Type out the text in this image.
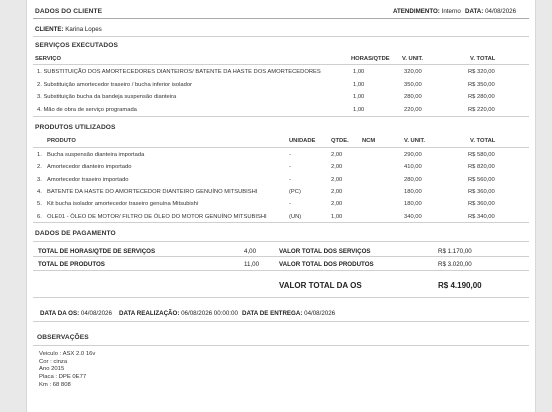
DADOS DO CLIENTE	ATENDIMENTO: Interno DATA: 04/08/2026
CLIENTE: Karina Lopes
SERVIÇOS EXECUTADOS
SERVIÇO	HORAS/QTDE V. UNIT.	V. TOTAL
1. SUBSTITUIÇÃO DOS AMORTECEDORES DIANTEIROS/ BATENTE DA HASTE DOS AMORTECEDORES	1,00	320,00	R$ 320,00
2. Substituição amortecedor traseiro / bucha inferior isolador	1,00	350,00	R$ 350,00
3. Substituição bucha da bandeja suspensão dianteira	1,00	280,00	R$ 280,00
4. Mão de obra de serviço programada	1,00	220,00	R$ 220,00
PRODUTOS UTILIZADOS
PRODUTO	UNIDADE	QTDE. NCM	V. UNIT.	V. TOTAL
1. Bucha suspensão dianteira importada	-	2,00	290,00	R$ 580,00
2. Amortecedor dianteiro importado	-	2,00	410,00	R$ 820,00
3. Amortecedor traseiro importado	-	2,00	280,00	R$ 560,00
4. BATENTE DA HASTE DO AMORTECEDOR DIANTEIRO GENUÍNO MITSUBISHI	(PC)	2,00	180,00	R$ 360,00
5. Kit bucha isolador amortecedor traseiro genuína Mitsubishi	-	2,00	180,00	R$ 360,00
6. OLE01 - ÓLEO DE MOTOR/ FILTRO DE ÓLEO DO MOTOR GENUÍNO MITSUBISHI	(UN)	1,00	340,00	R$ 340,00
DADOS DE PAGAMENTO
TOTAL DE HORAS/QTDE DE SERVIÇOS	4,00	VALOR TOTAL DOS SERVIÇOS	R$ 1.170,00
TOTAL DE PRODUTOS	11,00	VALOR TOTAL DOS PRODUTOS	R$ 3.020,00
VALOR TOTAL DA OS	R$ 4.190,00
DATA DA OS: 04/08/2026 DATA REALIZAÇÃO: 06/08/2026 00:00:00 DATA DE ENTREGA: 04/08/2026
OBSERVAÇÕES
Veiculo : ASX 2.0 16v
Cor : cinza
Ano 2015
Placa : DPE 0E77
Km : 68 808
